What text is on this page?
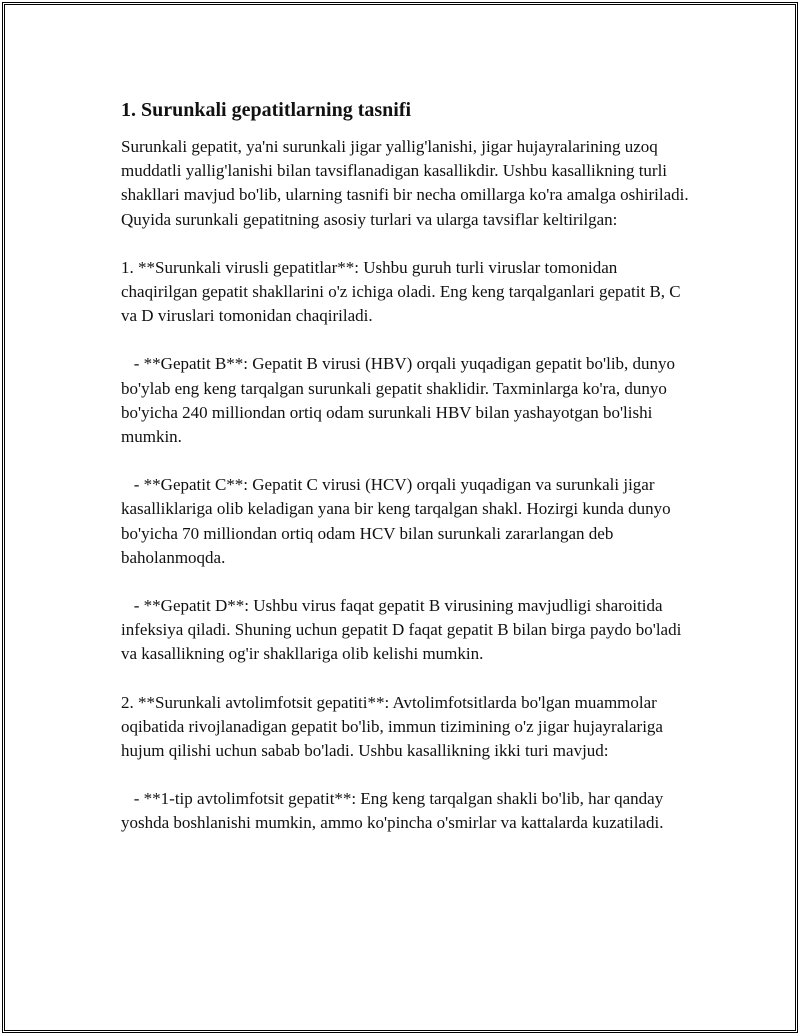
1. Surunkali gepatitlarning tasnifi

Surunkali gepatit, ya'ni surunkali jigar yallig'lanishi, jigar hujayralarining uzoq muddatli yallig'lanishi bilan tavsiflanadigan kasallikdir. Ushbu kasallikning turli shakllari mavjud bo'lib, ularning tasnifi bir necha omillarga ko'ra amalga oshiriladi. Quyida surunkali gepatitning asosiy turlari va ularga tavsiflar keltirilgan:

1. **Surunkali virusli gepatitlar**: Ushbu guruh turli viruslar tomonidan chaqirilgan gepatit shakllarini o'z ichiga oladi. Eng keng tarqalganlari gepatit B, C va D viruslari tomonidan chaqiriladi.

- **Gepatit B**: Gepatit B virusi (HBV) orqali yuqadigan gepatit bo'lib, dunyo bo'ylab eng keng tarqalgan surunkali gepatit shaklidir. Taxminlarga ko'ra, dunyo bo'yicha 240 milliondan ortiq odam surunkali HBV bilan yashayotgan bo'lishi mumkin.

- **Gepatit C**: Gepatit C virusi (HCV) orqali yuqadigan va surunkali jigar kasalliklariga olib keladigan yana bir keng tarqalgan shakl. Hozirgi kunda dunyo bo'yicha 70 milliondan ortiq odam HCV bilan surunkali zararlangan deb baholanmoqda.

- **Gepatit D**: Ushbu virus faqat gepatit B virusining mavjudligi sharoitida infeksiya qiladi. Shuning uchun gepatit D faqat gepatit B bilan birga paydo bo'ladi va kasallikning og'ir shakllariga olib kelishi mumkin.

2. **Surunkali avtolimfotsit gepatiti**: Avtolimfotsitlarda bo'lgan muammolar oqibatida rivojlanadigan gepatit bo'lib, immun tizimining o'z jigar hujayralariga hujum qilishi uchun sabab bo'ladi. Ushbu kasallikning ikki turi mavjud:

- **1-tip avtolimfotsit gepatit**: Eng keng tarqalgan shakli bo'lib, har qanday yoshda boshlanishi mumkin, ammo ko'pincha o'smirlar va kattalarda kuzatiladi.
